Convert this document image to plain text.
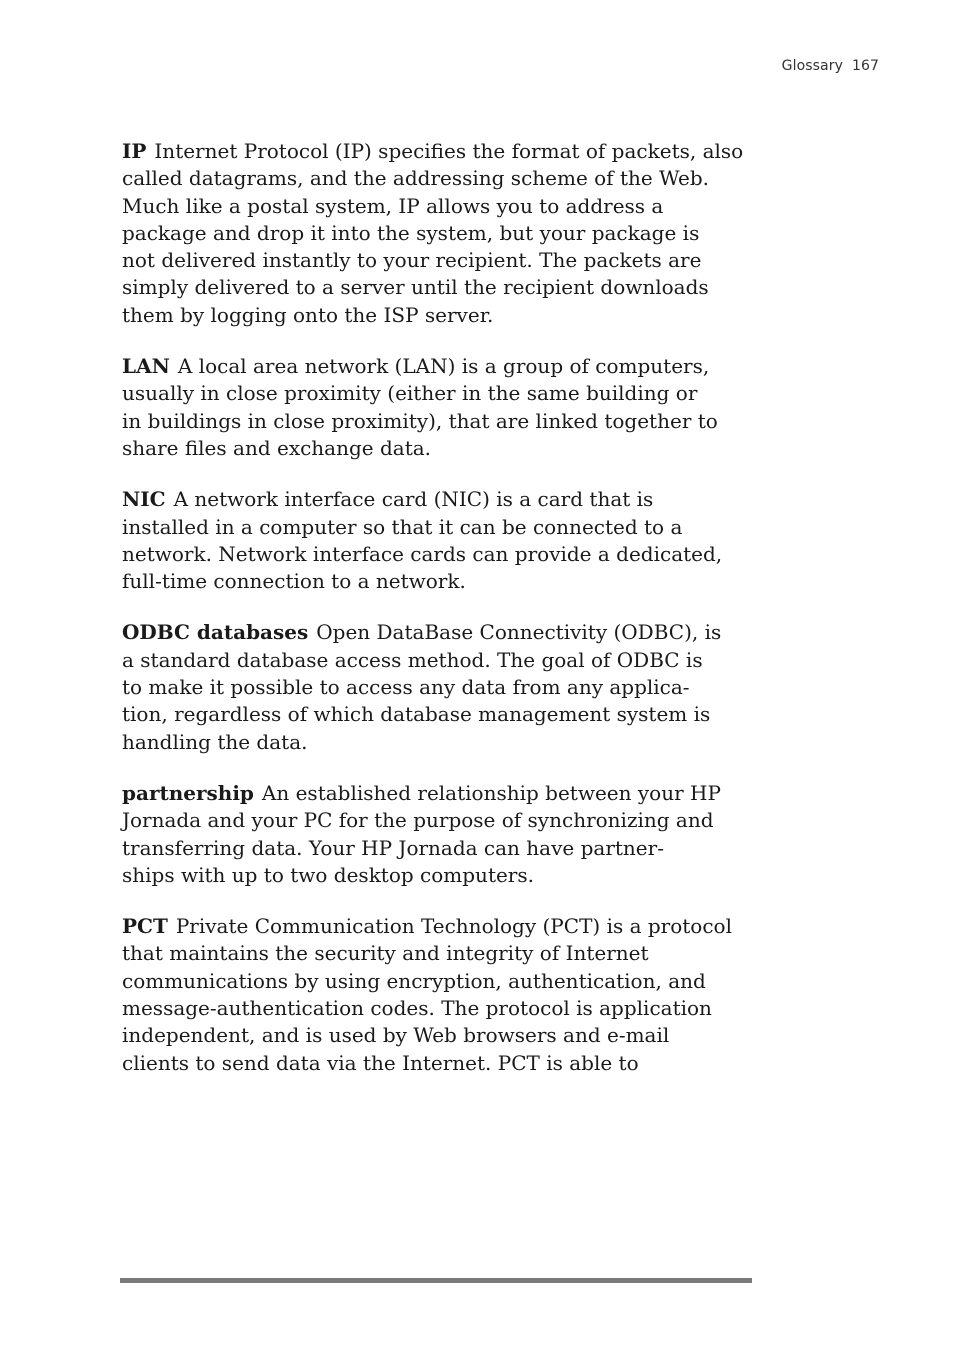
Glossary 167

IP Internet Protocol (IP) specifies the format of packets, also
called datagrams, and the addressing scheme of the Web.
Much like a postal system, IP allows you to address a
package and drop it into the system, but your package is
not delivered instantly to your recipient. The packets are
simply delivered to a server until the recipient downloads
them by logging onto the ISP server.

LAN A local area network (LAN) is a group of computers,
usually in close proximity (either in the same building or
in buildings in close proximity), that are linked together to
share files and exchange data.

NIC A network interface card (NIC) is a card that is
installed in a computer so that it can be connected to a
network. Network interface cards can provide a dedicated,
full-time connection to a network.

ODBC databases Open DataBase Connectivity (ODBC), is
a standard database access method. The goal of ODBC is
to make it possible to access any data from any applica-
tion, regardless of which database management system is
handling the data.

partnership An established relationship between your HP
Jornada and your PC for the purpose of synchronizing and
transferring data. Your HP Jornada can have partner-
ships with up to two desktop computers.

PCT Private Communication Technology (PCT) is a protocol
that maintains the security and integrity of Internet
communications by using encryption, authentication, and
message-authentication codes. The protocol is application
independent, and is used by Web browsers and e-mail
clients to send data via the Internet. PCT is able to
